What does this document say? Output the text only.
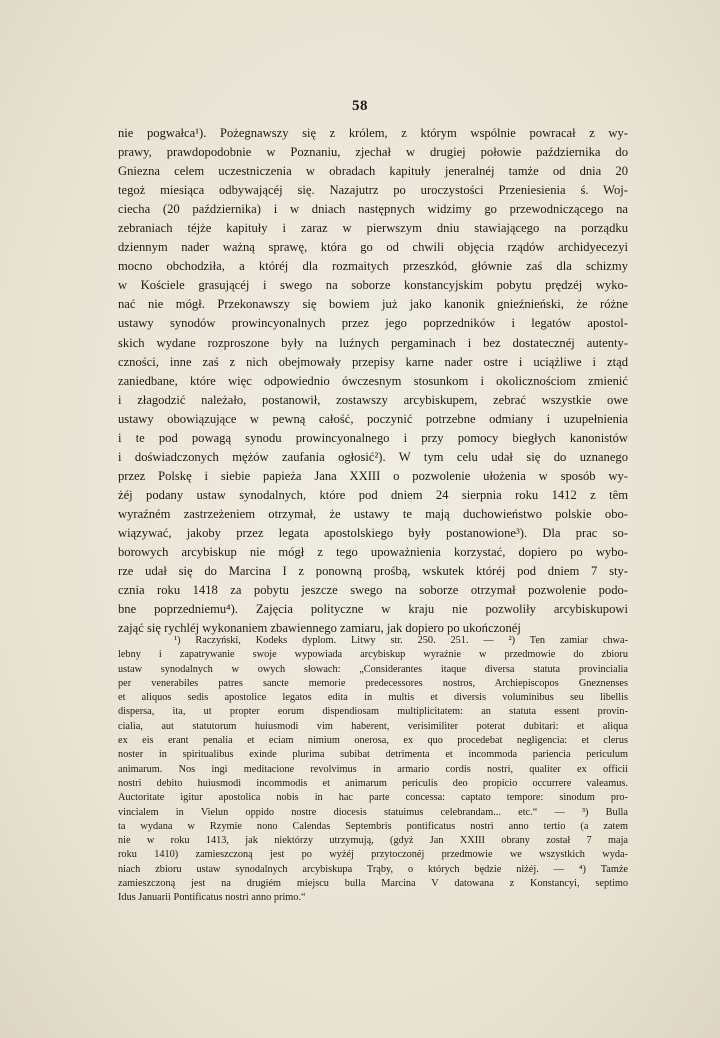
58
nie pogwałca¹). Pożegnawszy się z królem, z którym wspólnie powracał z wy-
prawy, prawdopodobnie w Poznaniu, zjechał w drugiej połowie października do
Gniezna celem uczestniczenia w obradach kapituły jeneralnéj tamże od dnia 20
tegoż miesiąca odbywającéj się. Nazajutrz po uroczystości Przeniesienia ś. Woj-
ciecha (20 października) i w dniach następnych widzimy go przewodniczącego na
zebraniach téjże kapituły i zaraz w pierwszym dniu stawiającego na porządku
dziennym nader ważną sprawę, która go od chwili objęcia rządów archidyecezyi
mocno obchodziła, a któréj dla rozmaitych przeszkód, głównie zaś dla schizmy
w Kościele grasującéj i swego na soborze konstancyjskim pobytu prędzéj wyko-
nać nie mógł. Przekonawszy się bowiem już jako kanonik gnieźnieński, że różne
ustawy synodów prowincyonalnych przez jego poprzedników i legatów apostol-
skich wydane rozproszone były na luźnych pergaminach i bez dostatecznéj autenty-
czności, inne zaś z nich obejmowały przepisy karne nader ostre i uciążliwe i ztąd
zaniedbane, które więc odpowiednio ówczesnym stosunkom i okolicznościom zmienić
i złagodzić należało, postanowił, zostawszy arcybiskupem, zebrać wszystkie owe
ustawy obowiązujące w pewną całość, poczynić potrzebne odmiany i uzupełnienia
i te pod powagą synodu prowincyonalnego i przy pomocy biegłych kanonistów
i doświadczonych mężów zaufania ogłosić²). W tym celu udał się do uznanego
przez Polskę i siebie papieża Jana XXIII o pozwolenie ułożenia w sposób wy-
żéj podany ustaw synodalnych, które pod dniem 24 sierpnia roku 1412 z têm
wyraźném zastrzeżeniem otrzymał, że ustawy te mają duchowieństwo polskie obo-
wiązywać, jakoby przez legata apostolskiego były postanowione³). Dla prac so-
borowych arcybiskup nie mógł z tego upoważnienia korzystać, dopiero po wybo-
rze udał się do Marcina I z ponowną prośbą, wskutek któréj pod dniem 7 sty-
cznia roku 1418 za pobytu jeszcze swego na soborze otrzymał pozwolenie podo-
bne poprzedniemu⁴). Zajęcia polityczne w kraju nie pozwoliły arcybiskupowi
zająć się rychléj wykonaniem zbawiennego zamiaru, jak dopiero po ukończonéj
¹) Raczyński, Kodeks dyplom. Litwy str. 250. 251. — ²) Ten zamiar chwa-
lebny i zapatrywanie swoje wypowiada arcybiskup wyraźnie w przedmowie do zbioru
ustaw synodalnych w owych słowach: „Considerantes itaque diversa statuta provincialia
per venerabiles patres sancte memorie predecessores nostros, Archiepiscopos Gneznenses
et aliquos sedis apostolice legatos edita in multis et diversis voluminibus seu libellis
dispersa, ita, ut propter eorum dispendiosam multiplicitatem: an statuta essent provin-
cialia, aut statutorum huiusmodi vim haberent, verisimiliter poterat dubitari: et aliqua
ex eis erant penalia et eciam nimium onerosa, ex quo procedebat negligencia: et clerus
noster in spiritualibus exinde plurima subibat detrimenta et incommoda pariencia periculum
animarum. Nos ingi meditacione revolvimus in armario cordis nostri, qualiter ex officii
nostri debito huiusmodi incommodis et animarum periculis deo propicio occurrere valeamus.
Auctoritate igitur apostolica nobis in hac parte concessa: captato tempore: sinodum pro-
vincialem in Vielun oppido nostre diocesis statuimus celebrandam... etc.“ — ³) Bulla
ta wydana w Rzymie nono Calendas Septembris pontificatus nostri anno tertio (a zatem
nie w roku 1413, jak niektórzy utrzymują, (gdyż Jan XXIII obrany został 7 maja
roku 1410) zamieszczoną jest po wyżéj przytoczonéj przedmowie we wszystkich wyda-
niach zbioru ustaw synodalnych arcybiskupa Trąby, o których będzie niżéj. — ⁴) Tamże
zamieszczoną jest na drugiém miejscu bulla Marcina V datowana z Konstancyi, septimo
Idus Januarii Pontificatus nostri anno primo.“
